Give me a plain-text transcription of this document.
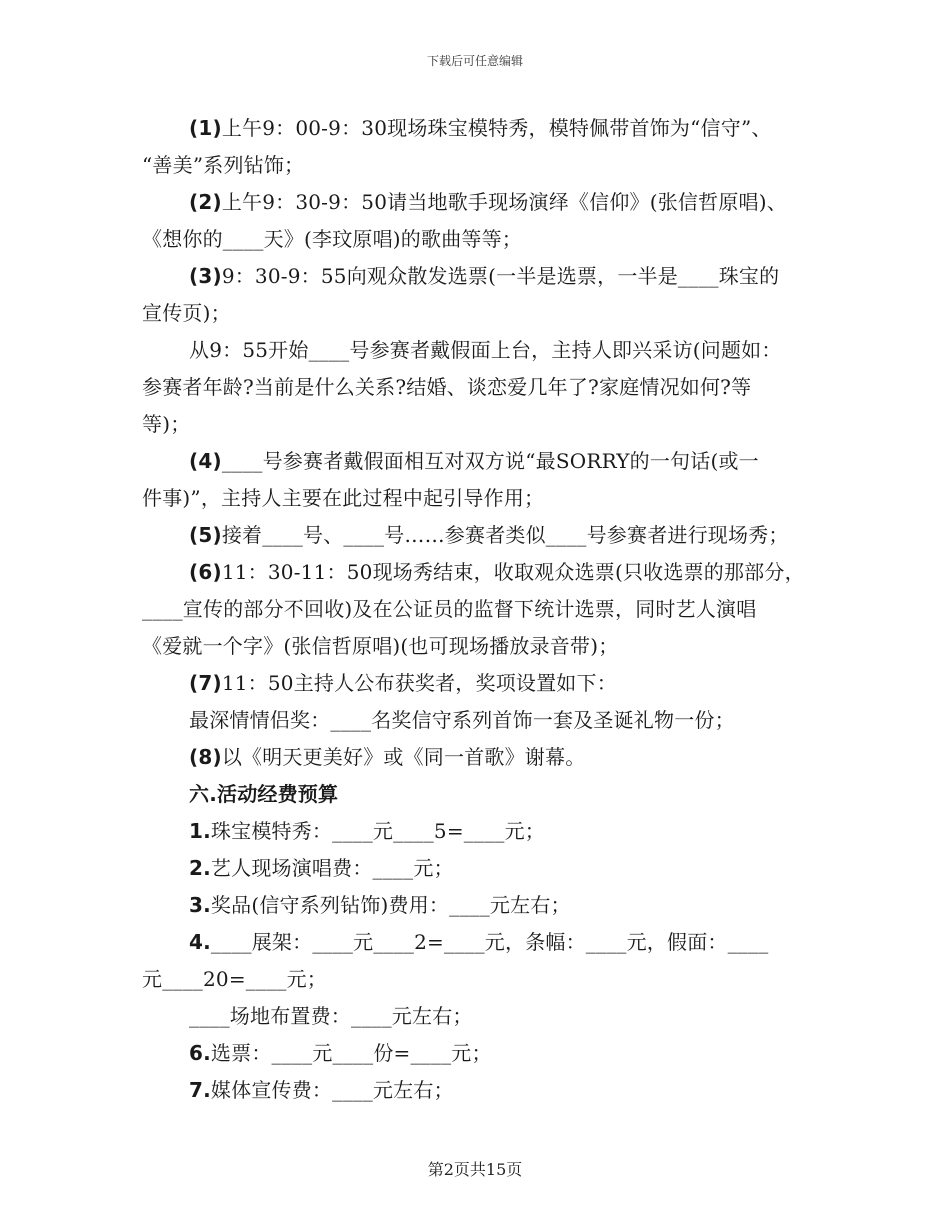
下载后可任意编辑
(1)上午9：00-9：30现场珠宝模特秀，模特佩带首饰为“信守”、
“善美”系列钻饰；
(2)上午9：30-9：50请当地歌手现场演绎《信仰》(张信哲原唱)、
《想你的____天》(李玟原唱)的歌曲等等；
(3)9：30-9：55向观众散发选票(一半是选票，一半是____珠宝的
宣传页)；
从9：55开始____号参赛者戴假面上台，主持人即兴采访(问题如：
参赛者年龄?当前是什么关系?结婚、谈恋爱几年了?家庭情况如何?等
等)；
(4)____号参赛者戴假面相互对双方说“最SORRY的一句话(或一
件事)”，主持人主要在此过程中起引导作用；
(5)接着____号、____号……参赛者类似____号参赛者进行现场秀；
(6)11：30-11：50现场秀结束，收取观众选票(只收选票的那部分，
____宣传的部分不回收)及在公证员的监督下统计选票，同时艺人演唱
《爱就一个字》(张信哲原唱)(也可现场播放录音带)；
(7)11：50主持人公布获奖者，奖项设置如下：
最深情情侣奖：____名奖信守系列首饰一套及圣诞礼物一份；
(8)以《明天更美好》或《同一首歌》谢幕。
六.活动经费预算
1.珠宝模特秀：____元____5=____元；
2.艺人现场演唱费：____元；
3.奖品(信守系列钻饰)费用：____元左右；
4.____展架：____元____2=____元，条幅：____元，假面：____
元____20=____元；
____场地布置费：____元左右；
6.选票：____元____份=____元；
7.媒体宣传费：____元左右；
第2页共15页
